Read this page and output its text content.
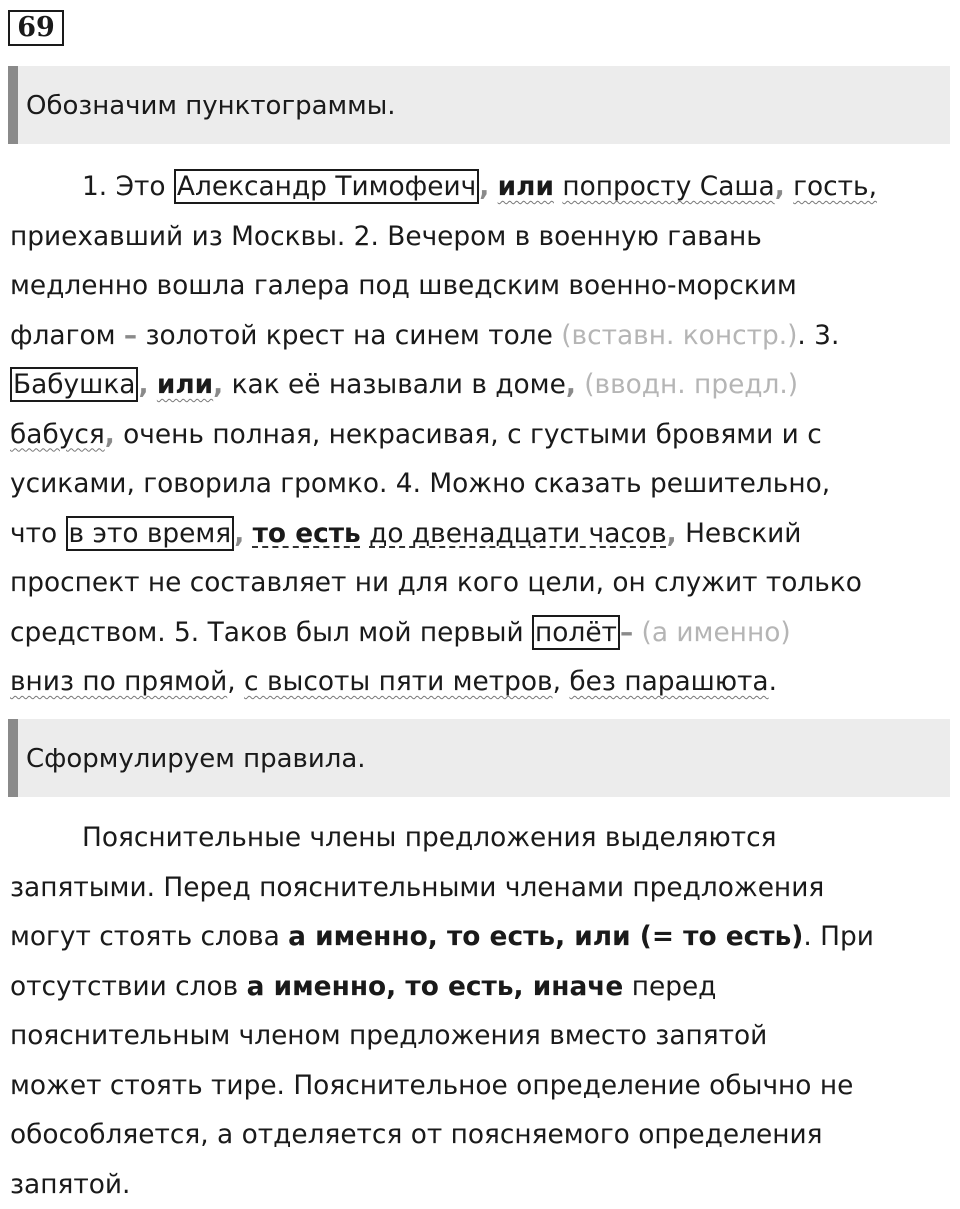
69
Обозначим пунктограммы.
1. Это Александр Тимофеич , или попросту Саша, гость,
приехавший из Москвы. 2. Вечером в военную гавань
медленно вошла галера под шведским военно-морским
флагом – золотой крест на синем толе (вставн. констр.). 3.
Бабушка , или, как её называли в доме, (вводн. предл.)
бабуся, очень полная, некрасивая, с густыми бровями и с
усиками, говорила громко. 4. Можно сказать решительно,
что в это время , то есть до двенадцати часов, Невский
проспект не составляет ни для кого цели, он служит только
средством. 5. Таков был мой первый полёт – (а именно)
вниз по прямой, с высоты пяти метров, без парашюта.
Сформулируем правила.
Пояснительные члены предложения выделяются
запятыми. Перед пояснительными членами предложения
могут стоять слова а именно, то есть, или (= то есть). При
отсутствии слов а именно, то есть, иначе перед
пояснительным членом предложения вместо запятой
может стоять тире. Пояснительное определение обычно не
обособляется, а отделяется от поясняемого определения
запятой.
